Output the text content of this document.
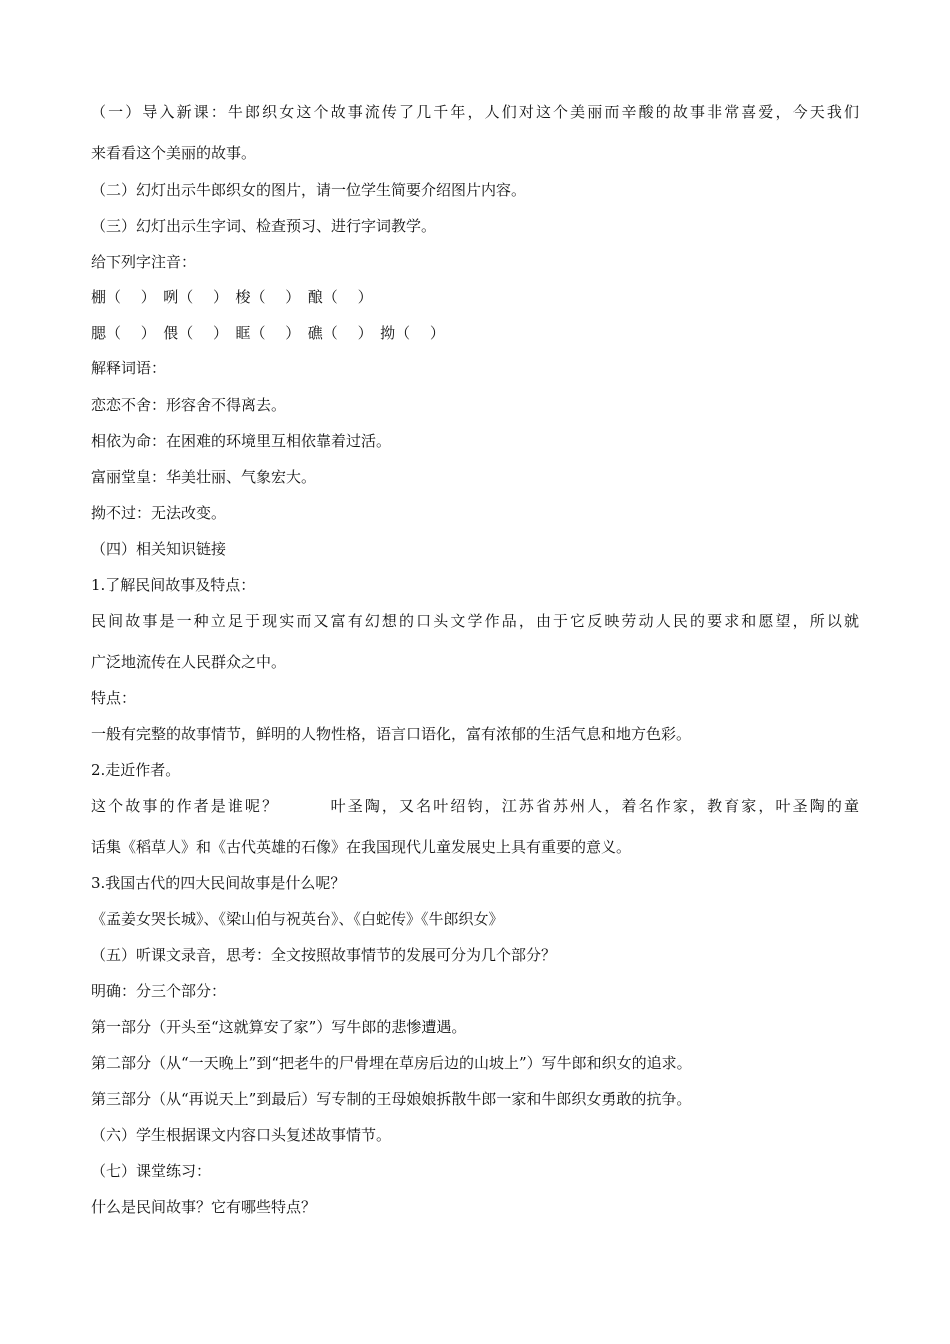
（一）导入新课：牛郎织女这个故事流传了几千年，人们对这个美丽而辛酸的故事非常喜爱，今天我们
来看看这个美丽的故事。
（二）幻灯出示牛郎织女的图片，请一位学生简要介绍图片内容。
（三）幻灯出示生字词、检查预习、进行字词教学。
给下列字注音：
棚（　 ）　咧（　 ）　梭（　 ）　酿（　 ）
腮（　 ）　偎（　 ）　眶（　 ）　礁（　 ）　拗（　 ）
解释词语：
恋恋不舍：形容舍不得离去。
相依为命：在困难的环境里互相依靠着过活。
富丽堂皇：华美壮丽、气象宏大。
拗不过：无法改变。
（四）相关知识链接
1.了解民间故事及特点：
民间故事是一种立足于现实而又富有幻想的口头文学作品，由于它反映劳动人民的要求和愿望，所以就
广泛地流传在人民群众之中。
特点：
一般有完整的故事情节，鲜明的人物性格，语言口语化，富有浓郁的生活气息和地方色彩。
2.走近作者。
这个故事的作者是谁呢？　　　叶圣陶，又名叶绍钧，江苏省苏州人，着名作家，教育家，叶圣陶的童
话集《稻草人》和《古代英雄的石像》在我国现代儿童发展史上具有重要的意义。
3.我国古代的四大民间故事是什么呢？
《孟姜女哭长城》、《梁山伯与祝英台》、《白蛇传》《牛郎织女》
（五）听课文录音，思考：全文按照故事情节的发展可分为几个部分？
明确：分三个部分：
第一部分（开头至“这就算安了家”）写牛郎的悲惨遭遇。
第二部分（从“一天晚上”到“把老牛的尸骨埋在草房后边的山坡上”）写牛郎和织女的追求。
第三部分（从“再说天上”到最后）写专制的王母娘娘拆散牛郎一家和牛郎织女勇敢的抗争。
（六）学生根据课文内容口头复述故事情节。
（七）课堂练习：
什么是民间故事？它有哪些特点？
